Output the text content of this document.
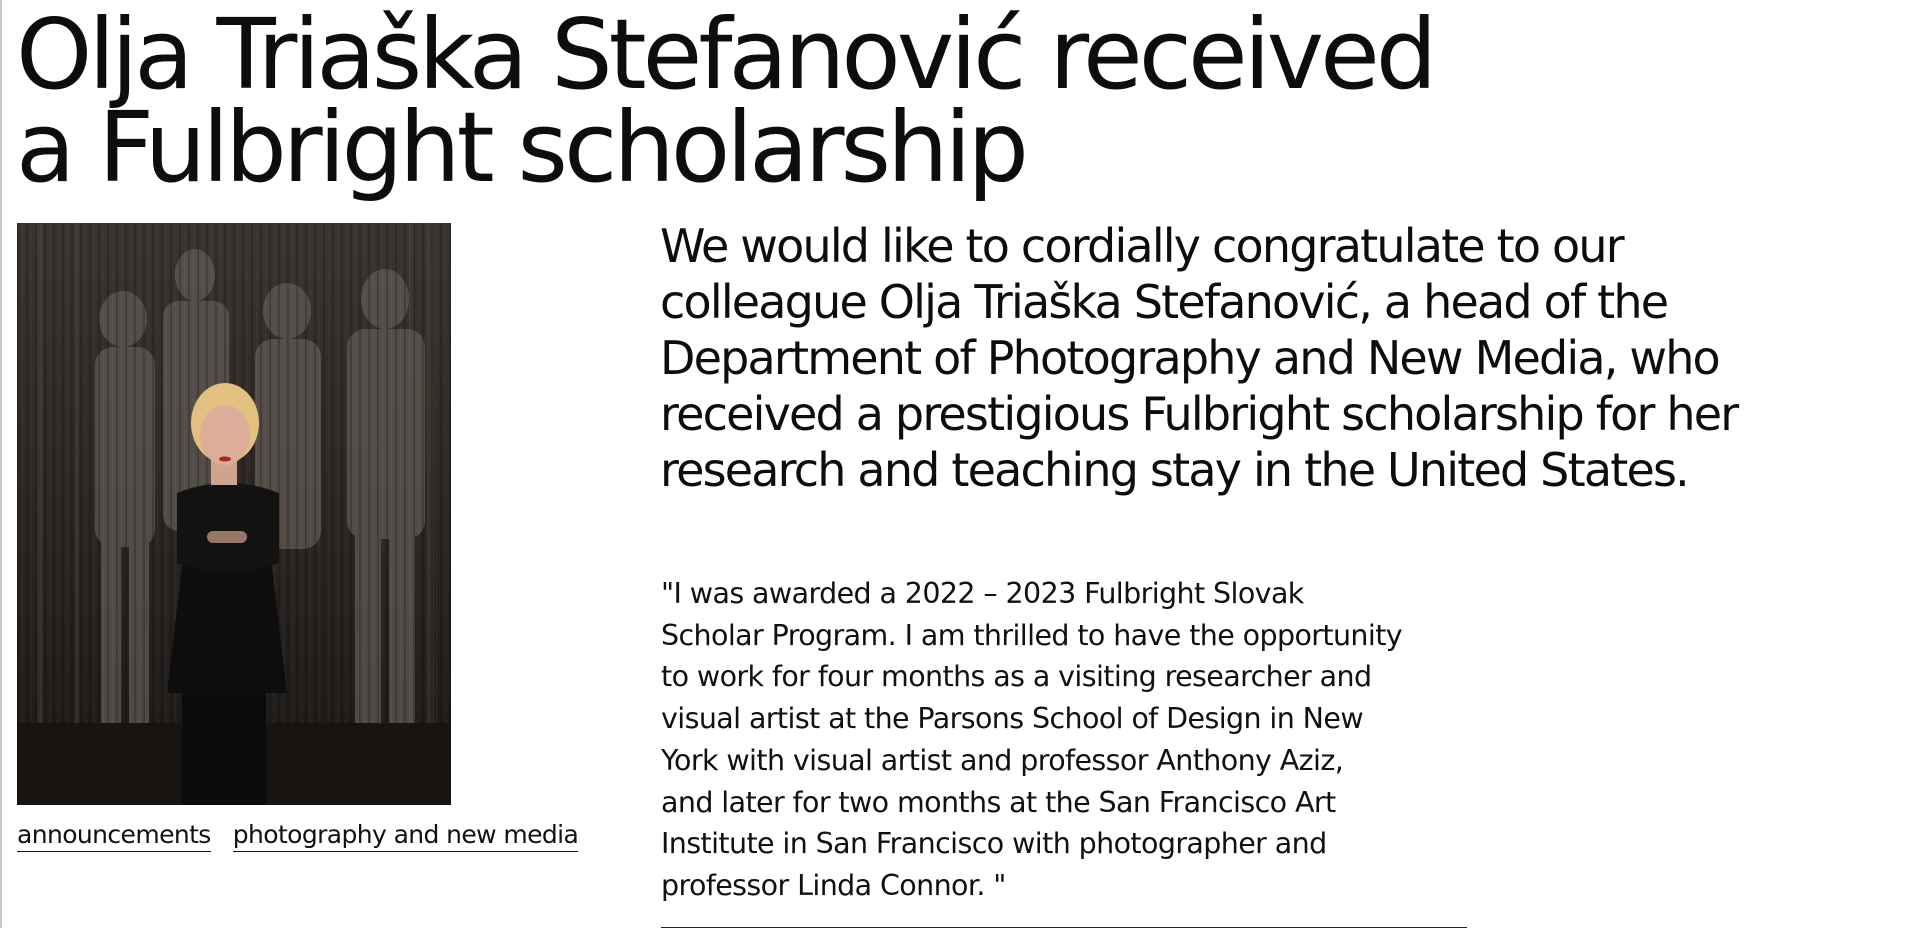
Olja Triaška Stefanović received
a Fulbright scholarship
announcements photography and new media

We would like to cordially congratulate to our
colleague Olja Triaška Stefanović, a head of the
Department of Photography and New Media, who
received a prestigious Fulbright scholarship for her
research and teaching stay in the United States.

"I was awarded a 2022 – 2023 Fulbright Slovak
Scholar Program. I am thrilled to have the opportunity
to work for four months as a visiting researcher and
visual artist at the Parsons School of Design in New
York with visual artist and professor Anthony Aziz,
and later for two months at the San Francisco Art
Institute in San Francisco with photographer and
professor Linda Connor. "
